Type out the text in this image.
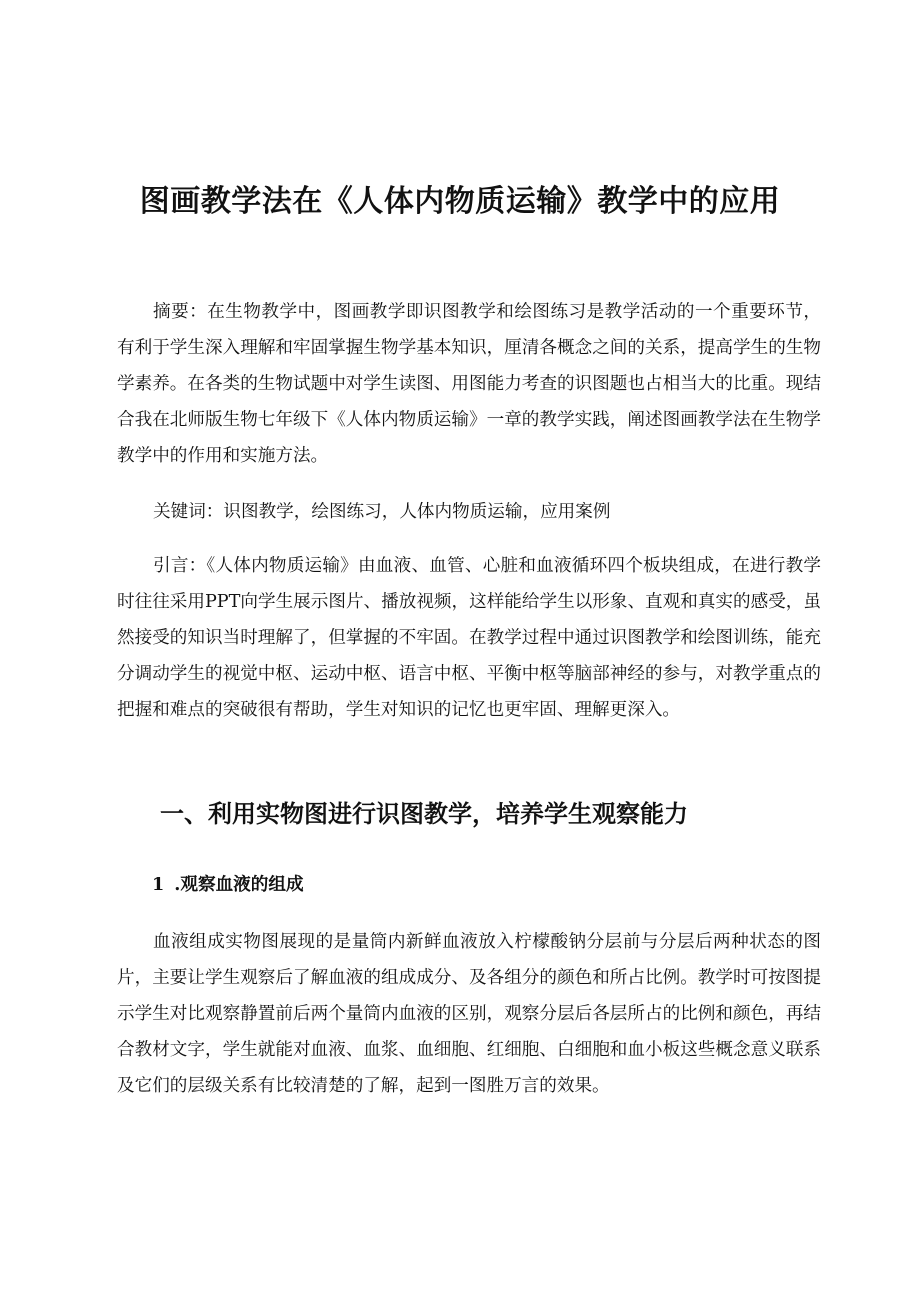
图画教学法在《人体内物质运输》教学中的应用

摘要：在生物教学中，图画教学即识图教学和绘图练习是教学活动的一个重要环节，有利于学生深入理解和牢固掌握生物学基本知识，厘清各概念之间的关系，提高学生的生物学素养。在各类的生物试题中对学生读图、用图能力考查的识图题也占相当大的比重。现结合我在北师版生物七年级下《人体内物质运输》一章的教学实践，阐述图画教学法在生物学教学中的作用和实施方法。

关键词：识图教学，绘图练习，人体内物质运输，应用案例

引言：《人体内物质运输》由血液、血管、心脏和血液循环四个板块组成，在进行教学时往往采用PPT向学生展示图片、播放视频，这样能给学生以形象、直观和真实的感受，虽然接受的知识当时理解了，但掌握的不牢固。在教学过程中通过识图教学和绘图训练，能充分调动学生的视觉中枢、运动中枢、语言中枢、平衡中枢等脑部神经的参与，对教学重点的把握和难点的突破很有帮助，学生对知识的记忆也更牢固、理解更深入。

一、利用实物图进行识图教学，培养学生观察能力
1 .观察血液的组成

血液组成实物图展现的是量筒内新鲜血液放入柠檬酸钠分层前与分层后两种状态的图片，主要让学生观察后了解血液的组成成分、及各组分的颜色和所占比例。教学时可按图提示学生对比观察静置前后两个量筒内血液的区别，观察分层后各层所占的比例和颜色，再结合教材文字，学生就能对血液、血浆、血细胞、红细胞、白细胞和血小板这些概念意义联系及它们的层级关系有比较清楚的了解，起到一图胜万言的效果。
